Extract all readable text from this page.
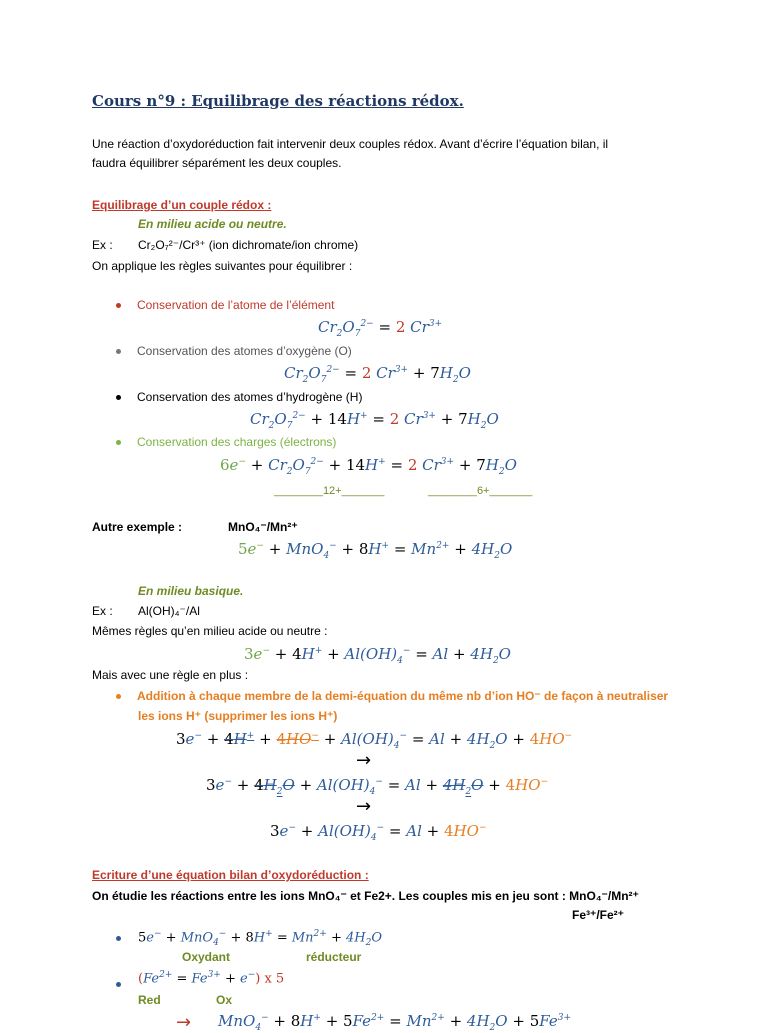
Cours n°9 : Equilibrage des réactions rédox.
Une réaction d’oxydoréduction fait intervenir deux couples rédox. Avant d’écrire l’équation bilan, il
faudra équilibrer séparément les deux couples.
Equilibrage d’un couple rédox :
En milieu acide ou neutre.
Ex : Cr₂O₇²⁻/Cr³⁺ (ion dichromate/ion chrome)
On applique les règles suivantes pour équilibrer :
Conservation de l’atome de l’élément
$Cr_2O_7^{2-} = 2$ $Cr^{3+}$
Conservation des atomes d’oxygène (O)
$Cr_2O_7^{2-} = 2$ $Cr^{3+} + 7H_2O$
Conservation des atomes d’hydrogène (H)
$Cr_2O_7^{2-} + 14H^+ = 2$ $Cr^{3+} + 7H_2O$
Conservation des charges (électrons)
$6e^- + Cr_2O_7^{2-} + 14H^+ = 2$ $Cr^{3+} + 7H_2O$
________12+_______	________6+_______
Autre exemple :	MnO₄⁻/Mn²⁺
$5e^- + MnO_4^- + 8H^+ = Mn^{2+} + 4H_2O$
En milieu basique.
Ex : Al(OH)₄⁻/Al
Mêmes règles qu’en milieu acide ou neutre :
$3e^- + 4H^+ + Al(OH)_4^- = Al + 4H_2O$
Mais avec une règle en plus :
Addition à chaque membre de la demi-équation du même nb d’ion HO⁻ de façon à neutraliser
les ions H⁺ (supprimer les ions H⁺)
$3e^- + 4H^+ + 4HO^- + Al(OH)_4^- = Al + 4H_2O + 4HO^-$
→
$3e^- + 4H_2O + Al(OH)_4^- = Al + 4H_2O + 4HO^-$
→
$3e^- + Al(OH)_4^- = Al + 4HO^-$
Ecriture d’une équation bilan d’oxydoréduction :
On étudie les réactions entre les ions MnO₄⁻ et Fe2+. Les couples mis en jeu sont : MnO₄⁻/Mn²⁺
Fe³⁺/Fe²⁺
$5e^- + MnO_4^- + 8H^+ = Mn^{2+} + 4H_2O$
Oxydant	réducteur
$(Fe^{2+} = Fe^{3+} + e^-)$ x 5
Red	Ox
→ $MnO_4^- + 8H^+ + 5Fe^{2+} = Mn^{2+} + 4H_2O + 5Fe^{3+}$
